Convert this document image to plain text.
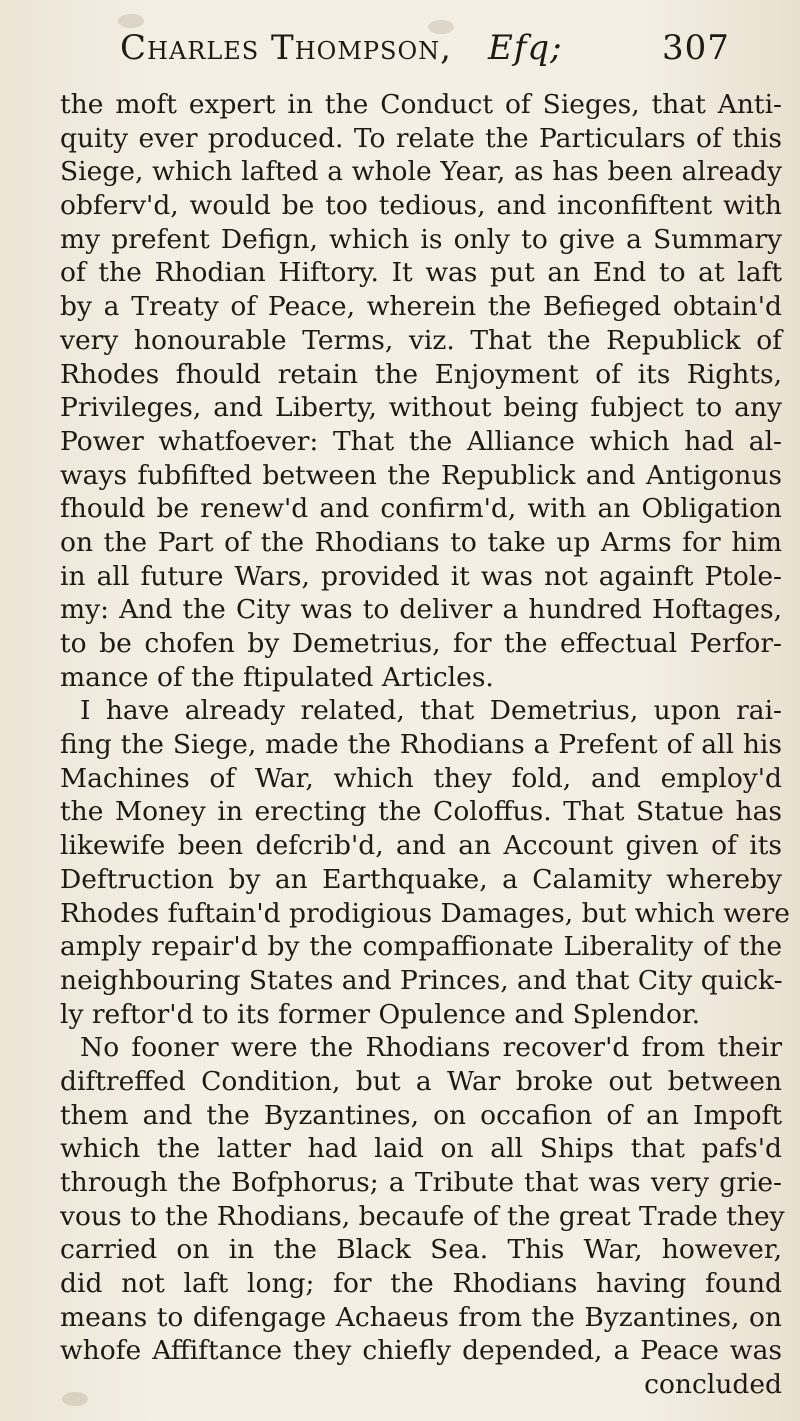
Charles Thompson, Efq;	307
the moft expert in the Conduct of Sieges, that Anti-
quity ever produced. To relate the Particulars of this
Siege, which lafted a whole Year, as has been already
obferv'd, would be too tedious, and inconfiftent with
my prefent Defign, which is only to give a Summary
of the Rhodian Hiftory. It was put an End to at laft
by a Treaty of Peace, wherein the Befieged obtain'd
very honourable Terms, viz. That the Republick of
Rhodes fhould retain the Enjoyment of its Rights,
Privileges, and Liberty, without being fubject to any
Power whatfoever: That the Alliance which had al-
ways fubfifted between the Republick and Antigonus
fhould be renew'd and confirm'd, with an Obligation
on the Part of the Rhodians to take up Arms for him
in all future Wars, provided it was not againft Ptole-
my: And the City was to deliver a hundred Hoftages,
to be chofen by Demetrius, for the effectual Perfor-
mance of the ftipulated Articles.
I have already related, that Demetrius, upon rai-
fing the Siege, made the Rhodians a Prefent of all his
Machines of War, which they fold, and employ'd
the Money in erecting the Coloffus. That Statue has
likewife been defcrib'd, and an Account given of its
Deftruction by an Earthquake, a Calamity whereby
Rhodes fuftain'd prodigious Damages, but which were
amply repair'd by the compaffionate Liberality of the
neighbouring States and Princes, and that City quick-
ly reftor'd to its former Opulence and Splendor.
No fooner were the Rhodians recover'd from their
diftreffed Condition, but a War broke out between
them and the Byzantines, on occafion of an Impoft
which the latter had laid on all Ships that pafs'd
through the Bofphorus; a Tribute that was very grie-
vous to the Rhodians, becaufe of the great Trade they
carried on in the Black Sea. This War, however,
did not laft long; for the Rhodians having found
means to difengage Achaeus from the Byzantines, on
whofe Affiftance they chiefly depended, a Peace was
concluded
